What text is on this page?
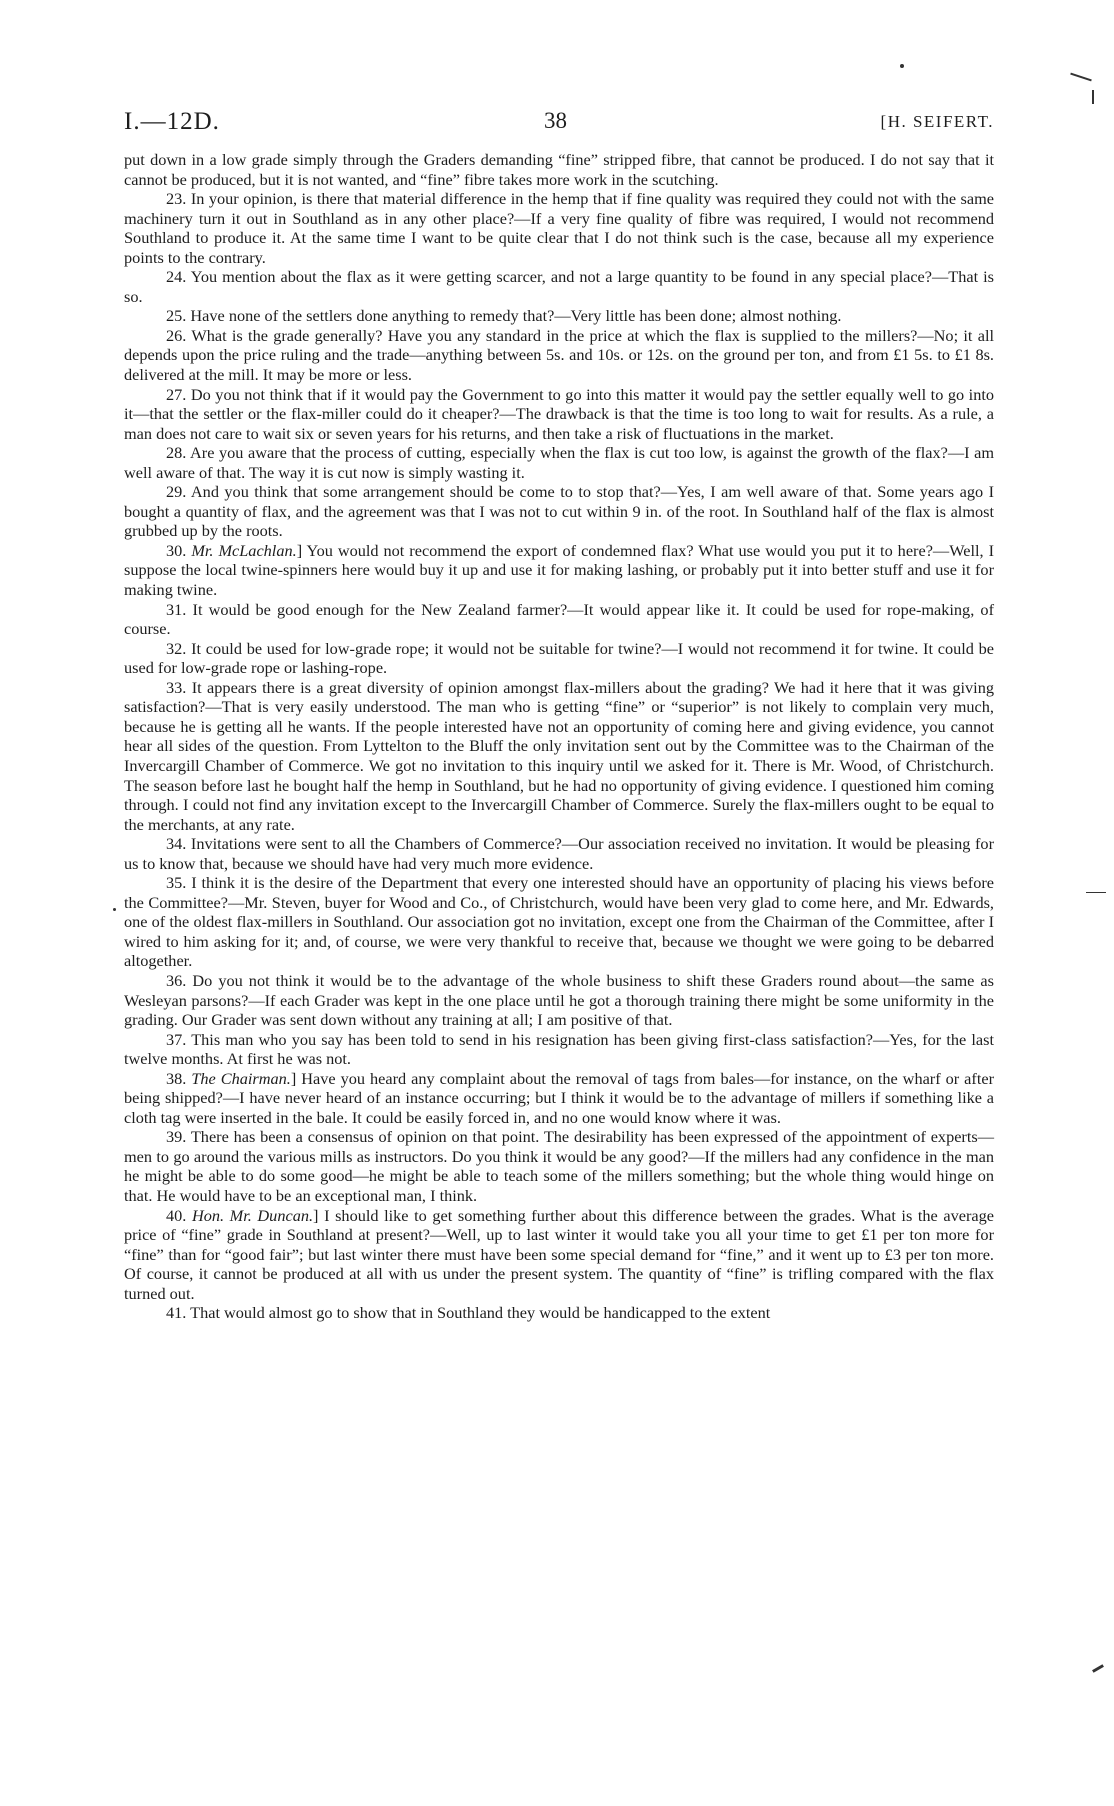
I.—12D.	38	[H. SEIFERT.

put down in a low grade simply through the Graders demanding “fine” stripped fibre, that cannot be produced. I do not say that it cannot be produced, but it is not wanted, and “fine” fibre takes more work in the scutching.

23. In your opinion, is there that material difference in the hemp that if fine quality was required they could not with the same machinery turn it out in Southland as in any other place?—If a very fine quality of fibre was required, I would not recommend Southland to produce it. At the same time I want to be quite clear that I do not think such is the case, because all my experience points to the contrary.

24. You mention about the flax as it were getting scarcer, and not a large quantity to be found in any special place?—That is so.

25. Have none of the settlers done anything to remedy that?—Very little has been done; almost nothing.

26. What is the grade generally? Have you any standard in the price at which the flax is supplied to the millers?—No; it all depends upon the price ruling and the trade—anything between 5s. and 10s. or 12s. on the ground per ton, and from £1 5s. to £1 8s. delivered at the mill. It may be more or less.

27. Do you not think that if it would pay the Government to go into this matter it would pay the settler equally well to go into it—that the settler or the flax-miller could do it cheaper?—The drawback is that the time is too long to wait for results. As a rule, a man does not care to wait six or seven years for his returns, and then take a risk of fluctuations in the market.

28. Are you aware that the process of cutting, especially when the flax is cut too low, is against the growth of the flax?—I am well aware of that. The way it is cut now is simply wasting it.

29. And you think that some arrangement should be come to to stop that?—Yes, I am well aware of that. Some years ago I bought a quantity of flax, and the agreement was that I was not to cut within 9 in. of the root. In Southland half of the flax is almost grubbed up by the roots.

30. Mr. McLachlan.] You would not recommend the export of condemned flax? What use would you put it to here?—Well, I suppose the local twine-spinners here would buy it up and use it for making lashing, or probably put it into better stuff and use it for making twine.

31. It would be good enough for the New Zealand farmer?—It would appear like it. It could be used for rope-making, of course.

32. It could be used for low-grade rope; it would not be suitable for twine?—I would not recommend it for twine. It could be used for low-grade rope or lashing-rope.

33. It appears there is a great diversity of opinion amongst flax-millers about the grading? We had it here that it was giving satisfaction?—That is very easily understood. The man who is getting “fine” or “superior” is not likely to complain very much, because he is getting all he wants. If the people interested have not an opportunity of coming here and giving evidence, you cannot hear all sides of the question. From Lyttelton to the Bluff the only invitation sent out by the Committee was to the Chairman of the Invercargill Chamber of Commerce. We got no invitation to this inquiry until we asked for it. There is Mr. Wood, of Christchurch. The season before last he bought half the hemp in Southland, but he had no opportunity of giving evidence. I questioned him coming through. I could not find any invitation except to the Invercargill Chamber of Commerce. Surely the flax-millers ought to be equal to the merchants, at any rate.

34. Invitations were sent to all the Chambers of Commerce?—Our association received no invitation. It would be pleasing for us to know that, because we should have had very much more evidence.

35. I think it is the desire of the Department that every one interested should have an opportunity of placing his views before the Committee?—Mr. Steven, buyer for Wood and Co., of Christchurch, would have been very glad to come here, and Mr. Edwards, one of the oldest flax-millers in Southland. Our association got no invitation, except one from the Chairman of the Committee, after I wired to him asking for it; and, of course, we were very thankful to receive that, because we thought we were going to be debarred altogether.

36. Do you not think it would be to the advantage of the whole business to shift these Graders round about—the same as Wesleyan parsons?—If each Grader was kept in the one place until he got a thorough training there might be some uniformity in the grading. Our Grader was sent down without any training at all; I am positive of that.

37. This man who you say has been told to send in his resignation has been giving first-class satisfaction?—Yes, for the last twelve months. At first he was not.

38. The Chairman.] Have you heard any complaint about the removal of tags from bales—for instance, on the wharf or after being shipped?—I have never heard of an instance occurring; but I think it would be to the advantage of millers if something like a cloth tag were inserted in the bale. It could be easily forced in, and no one would know where it was.

39. There has been a consensus of opinion on that point. The desirability has been expressed of the appointment of experts—men to go around the various mills as instructors. Do you think it would be any good?—If the millers had any confidence in the man he might be able to do some good—he might be able to teach some of the millers something; but the whole thing would hinge on that. He would have to be an exceptional man, I think.

40. Hon. Mr. Duncan.] I should like to get something further about this difference between the grades. What is the average price of “fine” grade in Southland at present?—Well, up to last winter it would take you all your time to get £1 per ton more for “fine” than for “good fair”; but last winter there must have been some special demand for “fine,” and it went up to £3 per ton more. Of course, it cannot be produced at all with us under the present system. The quantity of “fine” is trifling compared with the flax turned out.

41. That would almost go to show that in Southland they would be handicapped to the extent
